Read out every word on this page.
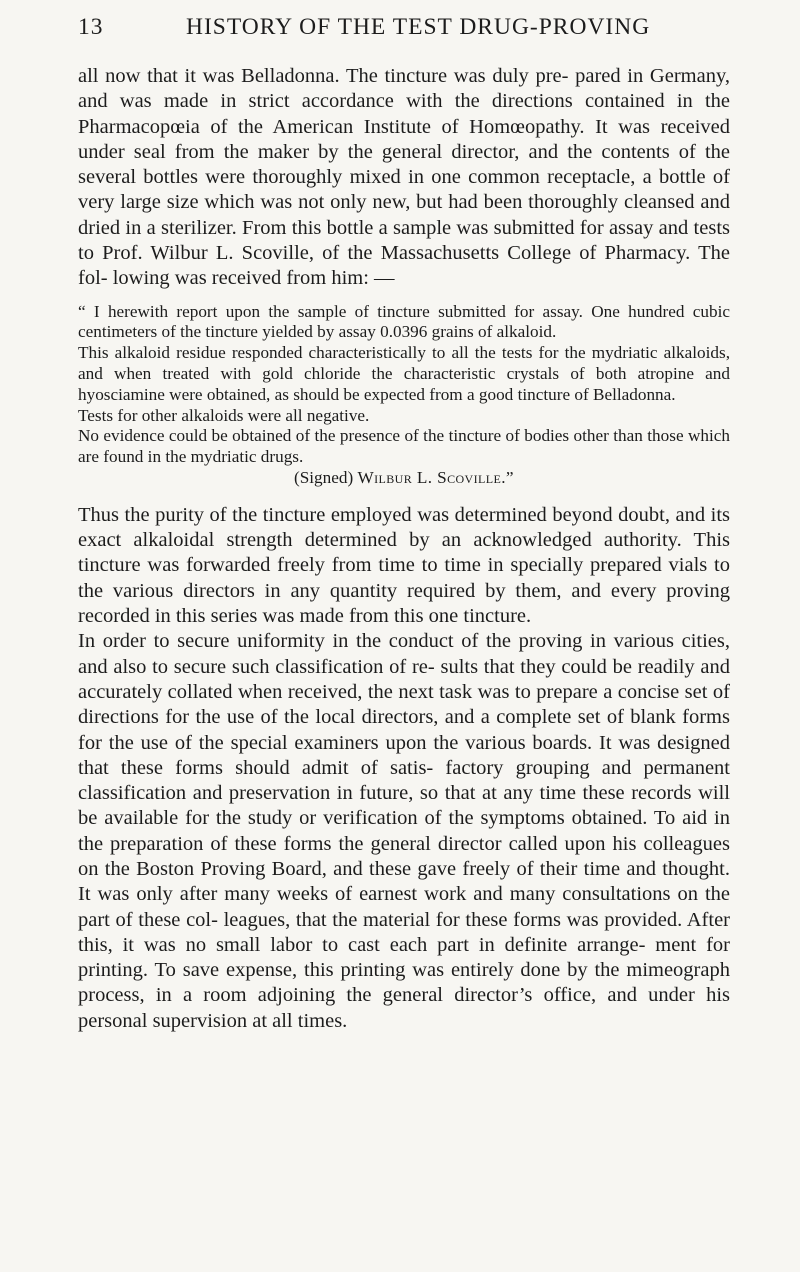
13	HISTORY OF THE TEST DRUG-PROVING

all now that it was Belladonna. The tincture was duly pre- pared in Germany, and was made in strict accordance with the directions contained in the Pharmacopœia of the American Institute of Homœopathy. It was received under seal from the maker by the general director, and the contents of the several bottles were thoroughly mixed in one common receptacle, a bottle of very large size which was not only new, but had been thoroughly cleansed and dried in a sterilizer. From this bottle a sample was submitted for assay and tests to Prof. Wilbur L. Scoville, of the Massachusetts College of Pharmacy. The fol- lowing was received from him: —

“ I herewith report upon the sample of tincture submitted for assay. One hundred cubic centimeters of the tincture yielded by assay 0.0396 grains of alkaloid.

This alkaloid residue responded characteristically to all the tests for the mydriatic alkaloids, and when treated with gold chloride the characteristic crystals of both atropine and hyosciamine were obtained, as should be expected from a good tincture of Belladonna.

Tests for other alkaloids were all negative.

No evidence could be obtained of the presence of the tincture of bodies other than those which are found in the mydriatic drugs.

(Signed) Wilbur L. Scoville.”

Thus the purity of the tincture employed was determined beyond doubt, and its exact alkaloidal strength determined by an acknowledged authority. This tincture was forwarded freely from time to time in specially prepared vials to the various directors in any quantity required by them, and every proving recorded in this series was made from this one tincture.

In order to secure uniformity in the conduct of the proving in various cities, and also to secure such classification of re- sults that they could be readily and accurately collated when received, the next task was to prepare a concise set of directions for the use of the local directors, and a complete set of blank forms for the use of the special examiners upon the various boards. It was designed that these forms should admit of satis- factory grouping and permanent classification and preservation in future, so that at any time these records will be available for the study or verification of the symptoms obtained. To aid in the preparation of these forms the general director called upon his colleagues on the Boston Proving Board, and these gave freely of their time and thought. It was only after many weeks of earnest work and many consultations on the part of these col- leagues, that the material for these forms was provided. After this, it was no small labor to cast each part in definite arrange- ment for printing. To save expense, this printing was entirely done by the mimeograph process, in a room adjoining the general director’s office, and under his personal supervision at all times.
